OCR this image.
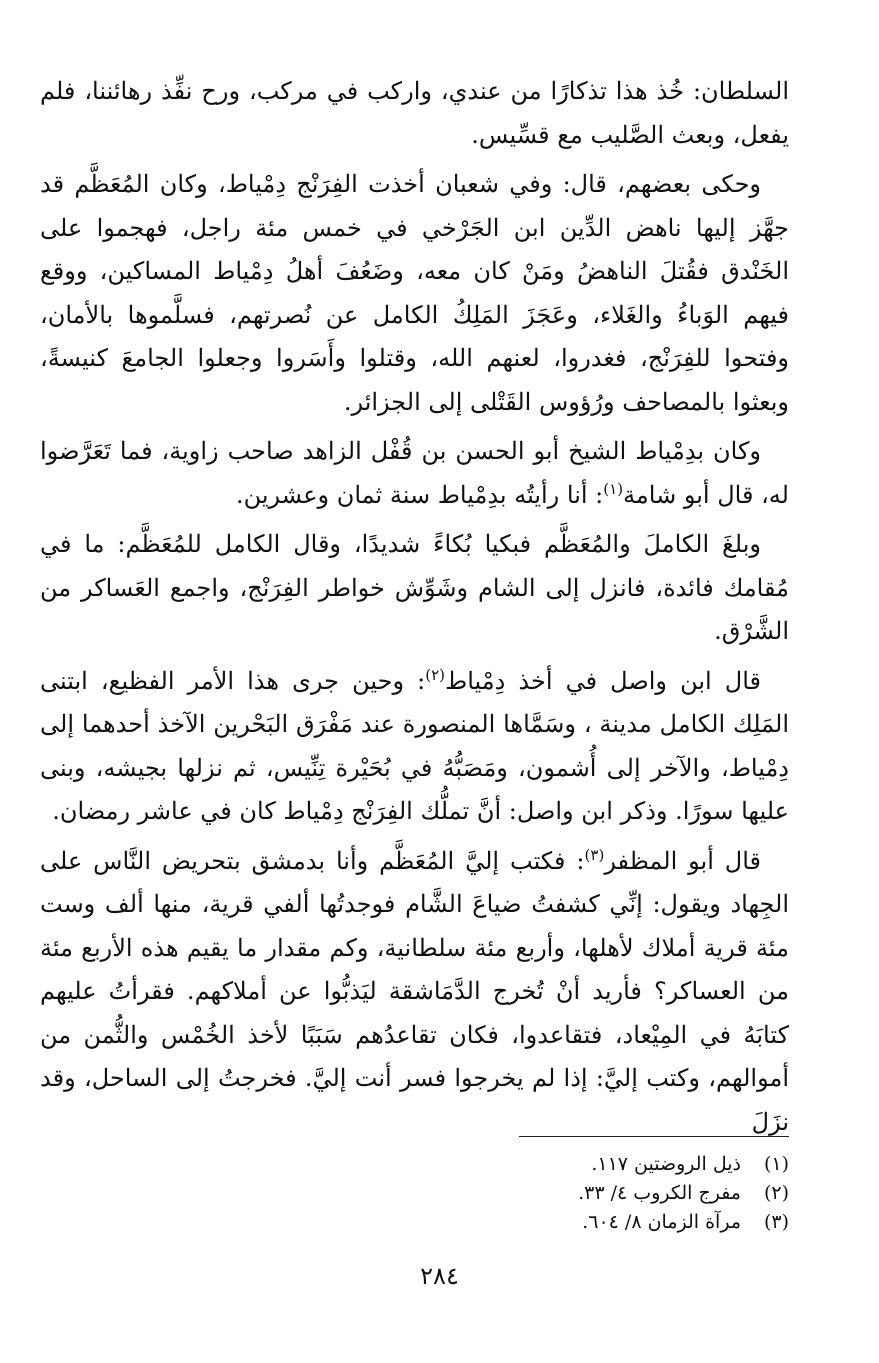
السلطان: خُذ هذا تذكارًا من عندي، واركب في مركب، ورح نفِّذ رهائننا، فلم يفعل، وبعث الصَّليب مع قسِّيس.

وحكى بعضهم، قال: وفي شعبان أخذت الفِرَنْج دِمْياط، وكان المُعَظَّم قد جهَّز إليها ناهض الدِّين ابن الجَرْخي في خمس مئة راجل، فهجموا على الخَنْدق فقُتلَ الناهضُ ومَنْ كان معه، وضَعُفَ أهلُ دِمْياط المساكين، ووقع فيهم الوَباءُ والغَلاء، وعَجَزَ المَلِكُ الكامل عن نُصرتهم، فسلَّموها بالأمان، وفتحوا للفِرَنْج، فغدروا، لعنهم الله، وقتلوا وأَسَروا وجعلوا الجامعَ كنيسةً، وبعثوا بالمصاحف ورُؤوس القَتْلى إلى الجزائر.

وكان بدِمْياط الشيخ أبو الحسن بن قُفْل الزاهد صاحب زاوية، فما تَعَرَّضوا له، قال أبو شامة$^{(١)}$: أنا رأيتُه بدِمْياط سنة ثمان وعشرين.

وبلغَ الكاملَ والمُعَظَّم فبكيا بُكاءً شديدًا، وقال الكامل للمُعَظَّم: ما في مُقامك فائدة، فانزل إلى الشام وشَوِّش خواطر الفِرَنْج، واجمع العَساكر من الشَّرْق.

قال ابن واصل في أخذ دِمْياط$^{(٢)}$: وحين جرى هذا الأمر الفظيع، ابتنى المَلِك الكامل مدينة ، وسَمَّاها المنصورة عند مَفْرَق البَحْرين الآخذ أحدهما إلى دِمْياط، والآخر إلى أُشمون، ومَصَبُّهُ في بُحَيْرة تِنِّيس، ثم نزلها بجيشه، وبنى عليها سورًا. وذكر ابن واصل: أنَّ تملُّك الفِرَنْج دِمْياط كان في عاشر رمضان.

قال أبو المظفر$^{(٣)}$: فكتب إليَّ المُعَظَّم وأنا بدمشق بتحريض النَّاس على الجِهاد ويقول: إنِّي كشفتُ ضياعَ الشَّام فوجدتُها ألفي قرية، منها ألف وست مئة قرية أملاك لأهلها، وأربع مئة سلطانية، وكم مقدار ما يقيم هذه الأربع مئة من العساكر؟ فأريد أنْ تُخرج الدَّمَاشقة ليَذبُّوا عن أملاكهم. فقرأتُ عليهم كتابَهُ في المِيْعاد، فتقاعدوا، فكان تقاعدُهم سَبَبًا لأخذ الخُمْس والثُّمن من أموالهم، وكتب إليَّ: إذا لم يخرجوا فسر أنت إليَّ. فخرجتُ إلى الساحل، وقد نزَلَ

(١)
ذيل الروضتين ١١٧.
(٢)
مفرج الكروب ٤/ ٣٣.
(٣)
مرآة الزمان ٨/ ٦٠٤.
٢٨٤
